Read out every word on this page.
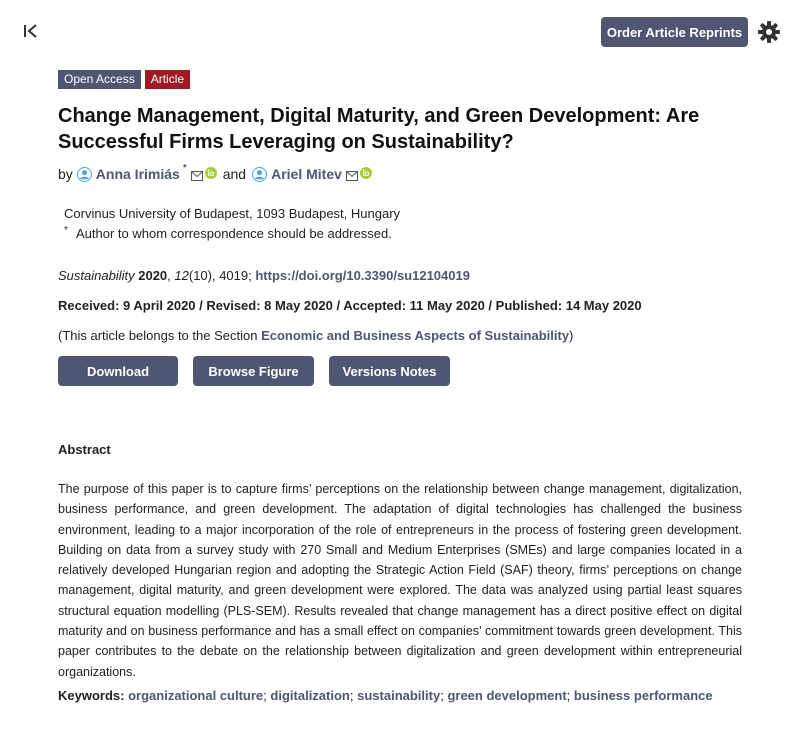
Order Article Reprints
Open Access	Article
Change Management, Digital Maturity, and Green Development: Are Successful Firms Leveraging on Sustainability?
by Anna Irimiás *	and Ariel Mitev
Corvinus University of Budapest, 1093 Budapest, Hungary
* Author to whom correspondence should be addressed.
Sustainability 2020, 12(10), 4019; https://doi.org/10.3390/su12104019
Received: 9 April 2020 / Revised: 8 May 2020 / Accepted: 11 May 2020 / Published: 14 May 2020
(This article belongs to the Section Economic and Business Aspects of Sustainability)
Download	Browse Figure	Versions Notes
Abstract
The purpose of this paper is to capture firms’ perceptions on the relationship between change management, digitalization, business performance, and green development. The adaptation of digital technologies has challenged the business environment, leading to a major incorporation of the role of entrepreneurs in the process of fostering green development. Building on data from a survey study with 270 Small and Medium Enterprises (SMEs) and large companies located in a relatively developed Hungarian region and adopting the Strategic Action Field (SAF) theory, firms’ perceptions on change management, digital maturity, and green development were explored. The data was analyzed using partial least squares structural equation modelling (PLS-SEM). Results revealed that change management has a direct positive effect on digital maturity and on business performance and has a small effect on companies’ commitment towards green development. This paper contributes to the debate on the relationship between digitalization and green development within entrepreneurial organizations.
Keywords: organizational culture; digitalization; sustainability; green development; business performance
